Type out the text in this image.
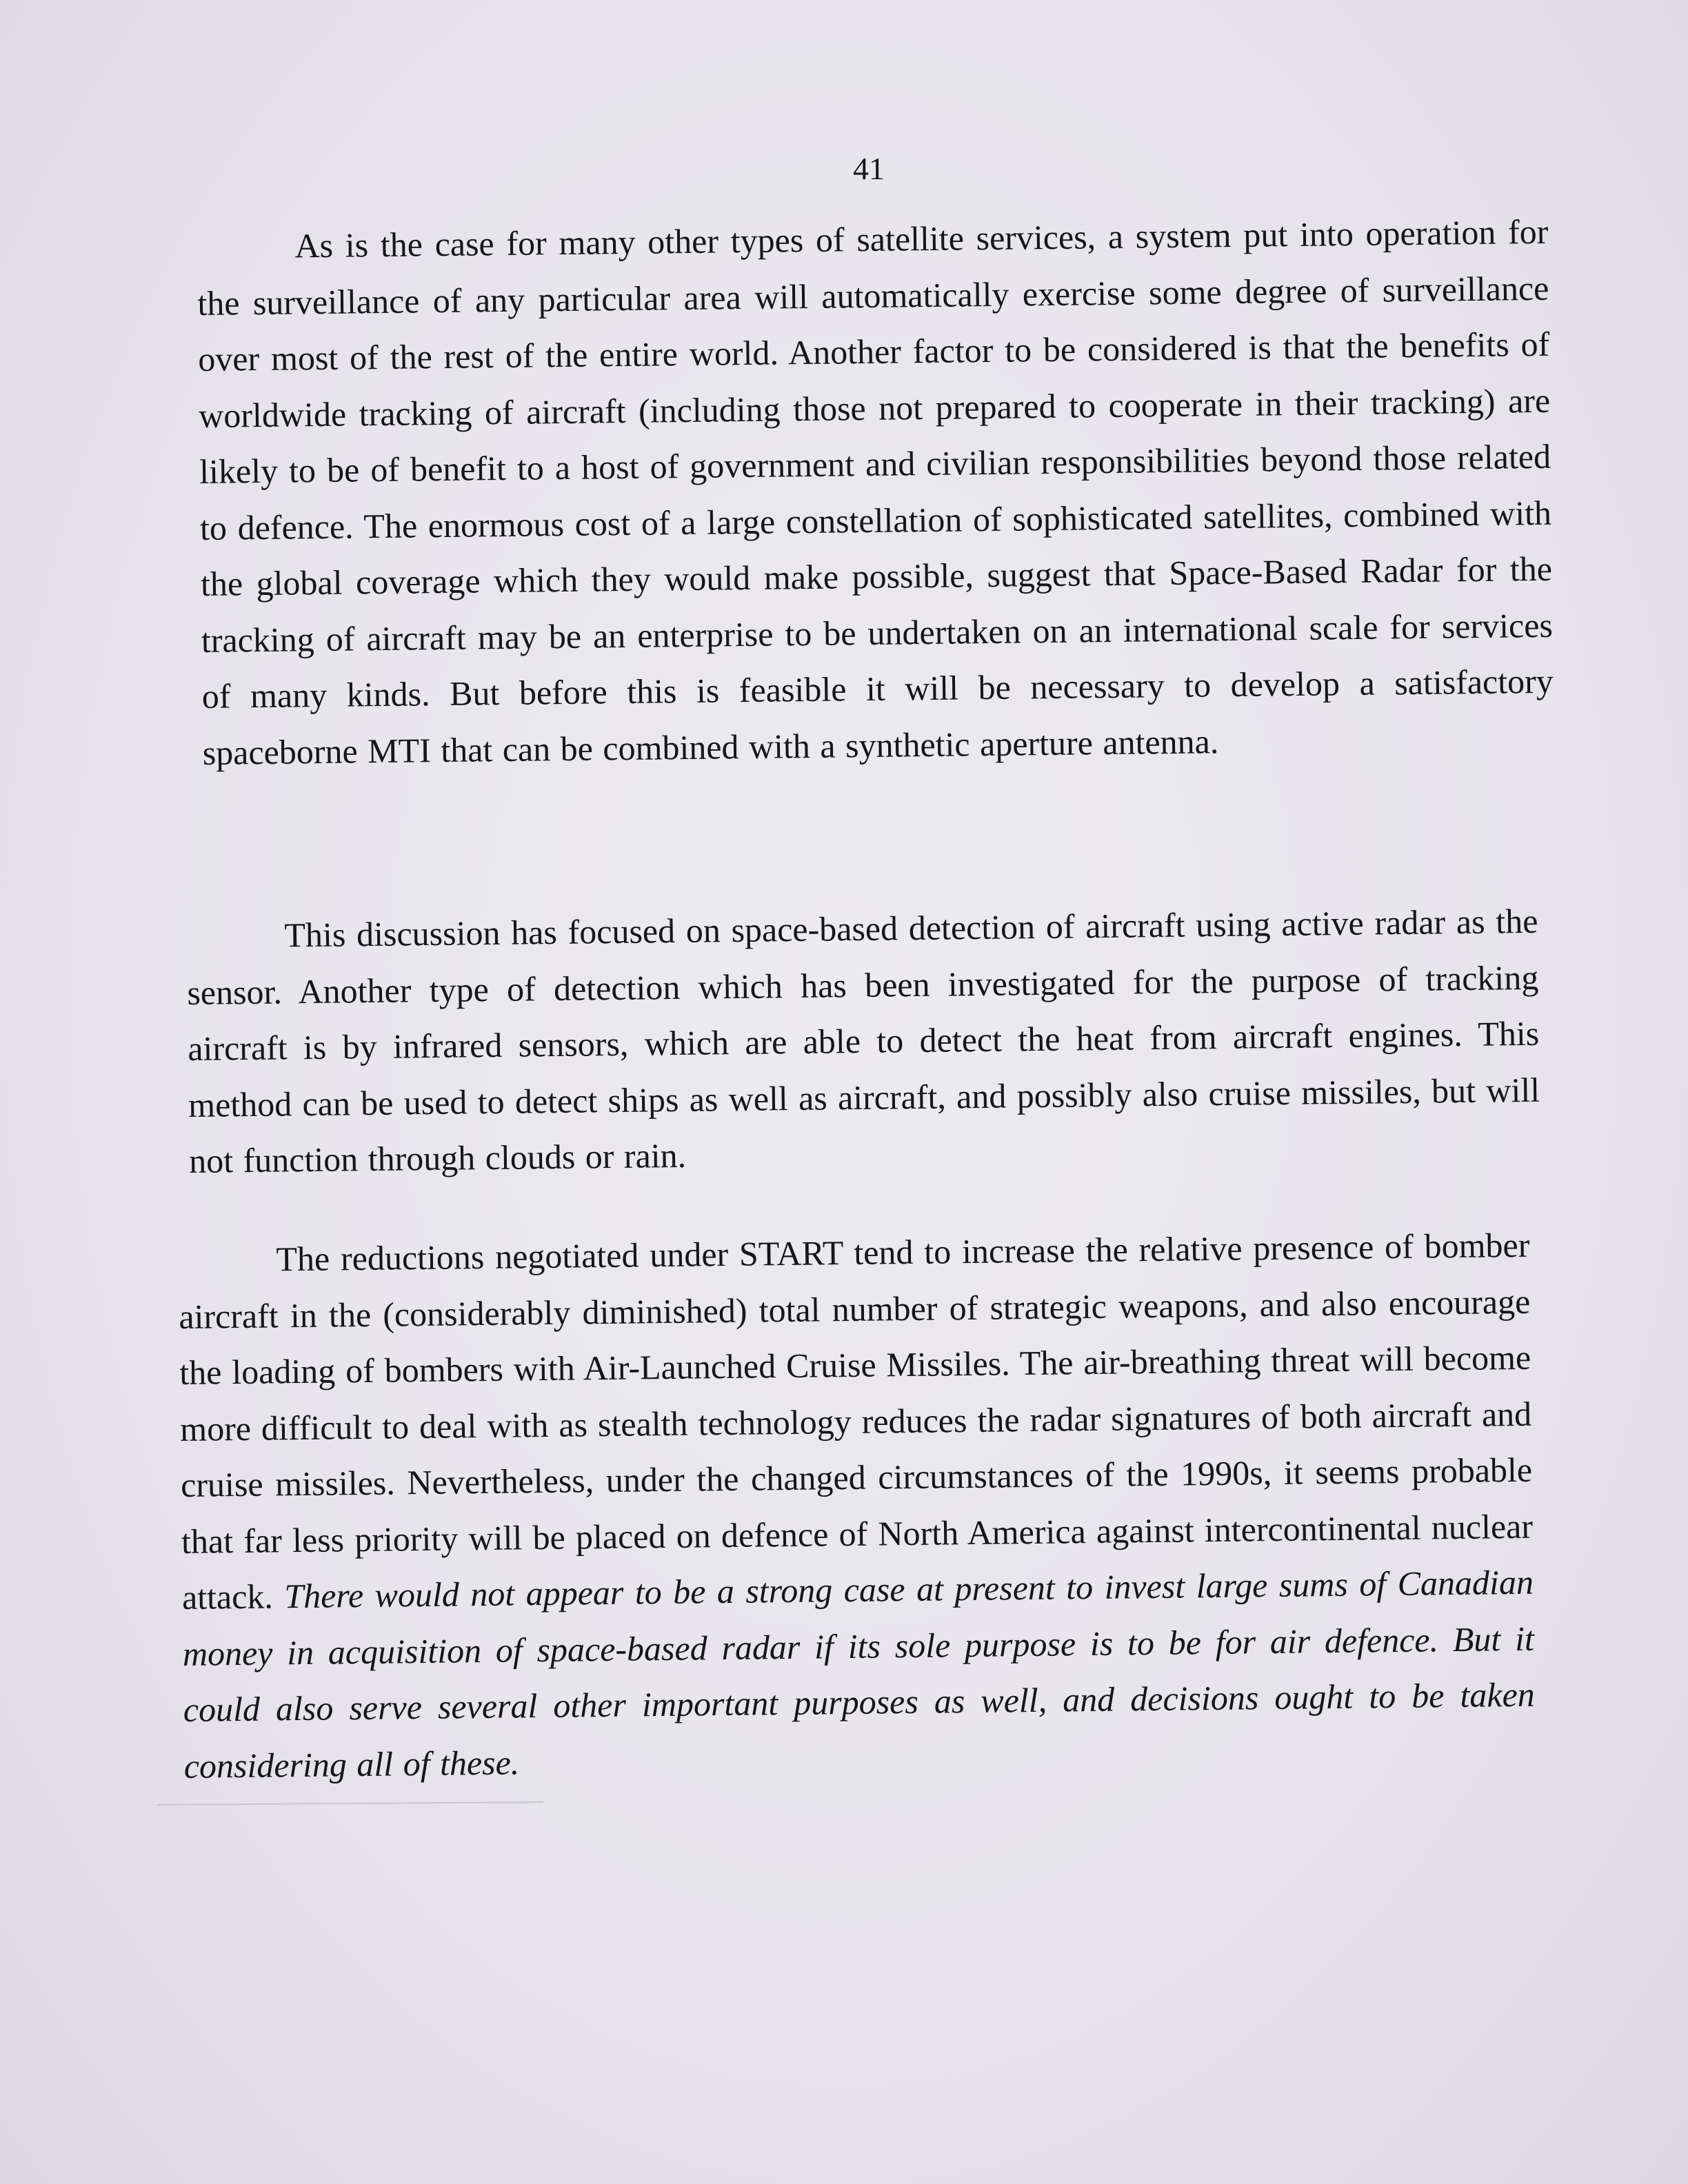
41

As is the case for many other types of satellite services, a system put into operation for the surveillance of any particular area will automatically exercise some degree of surveillance over most of the rest of the entire world. Another factor to be considered is that the benefits of worldwide tracking of aircraft (including those not prepared to cooperate in their tracking) are likely to be of benefit to a host of government and civilian responsibilities beyond those related to defence. The enormous cost of a large constellation of sophisticated satellites, combined with the global coverage which they would make possible, suggest that Space-Based Radar for the tracking of aircraft may be an enterprise to be undertaken on an international scale for services of many kinds. But before this is feasible it will be necessary to develop a satisfactory spaceborne MTI that can be combined with a synthetic aperture antenna.

This discussion has focused on space-based detection of aircraft using active radar as the sensor. Another type of detection which has been investigated for the purpose of tracking aircraft is by infrared sensors, which are able to detect the heat from aircraft engines. This method can be used to detect ships as well as aircraft, and possibly also cruise missiles, but will not function through clouds or rain.

The reductions negotiated under START tend to increase the relative presence of bomber aircraft in the (considerably diminished) total number of strategic weapons, and also encourage the loading of bombers with Air-Launched Cruise Missiles. The air-breathing threat will become more difficult to deal with as stealth technology reduces the radar signatures of both aircraft and cruise missiles. Nevertheless, under the changed circumstances of the 1990s, it seems probable that far less priority will be placed on defence of North America against intercontinental nuclear attack. There would not appear to be a strong case at present to invest large sums of Canadian money in acquisition of space-based radar if its sole purpose is to be for air defence. But it could also serve several other important purposes as well, and decisions ought to be taken considering all of these.
